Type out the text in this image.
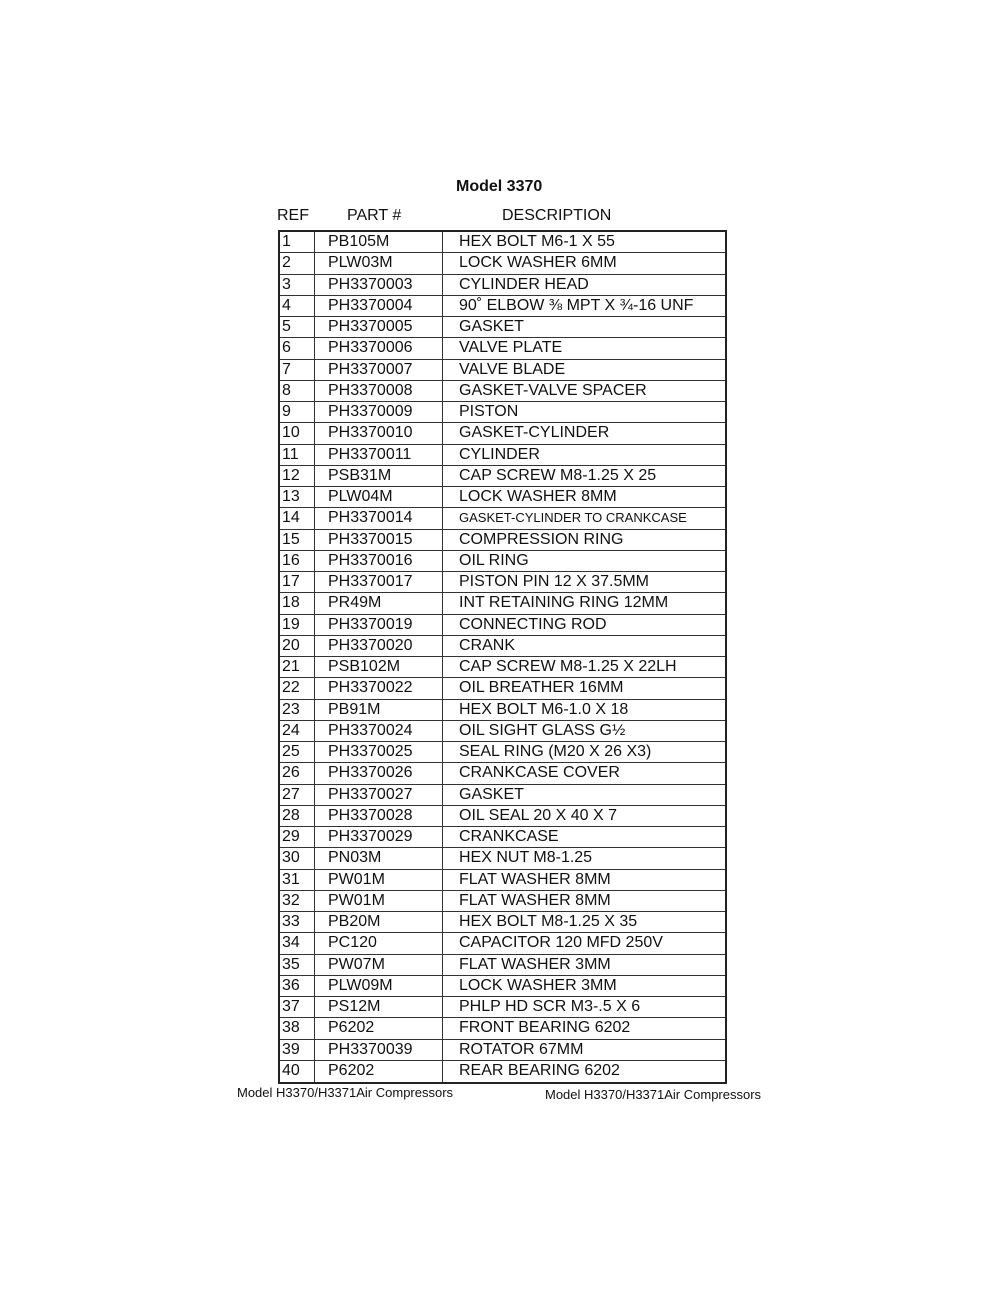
Model 3370
REF PART #	DESCRIPTION
1	PB105M	HEX BOLT M6-1 X 55
2	PLW03M	LOCK WASHER 6MM
3	PH3370003	CYLINDER HEAD
4	PH3370004	90˚ ELBOW ⅜ MPT X ¾-16 UNF
5	PH3370005	GASKET
6	PH3370006	VALVE PLATE
7	PH3370007	VALVE BLADE
8	PH3370008	GASKET-VALVE SPACER
9	PH3370009	PISTON
10	PH3370010	GASKET-CYLINDER
11	PH3370011	CYLINDER
12	PSB31M	CAP SCREW M8-1.25 X 25
13	PLW04M	LOCK WASHER 8MM
14	PH3370014	GASKET-CYLINDER TO CRANKCASE
15	PH3370015	COMPRESSION RING
16	PH3370016	OIL RING
17	PH3370017	PISTON PIN 12 X 37.5MM
18	PR49M	INT RETAINING RING 12MM
19	PH3370019	CONNECTING ROD
20	PH3370020	CRANK
21	PSB102M	CAP SCREW M8-1.25 X 22LH
22	PH3370022	OIL BREATHER 16MM
23	PB91M	HEX BOLT M6-1.0 X 18
24	PH3370024	OIL SIGHT GLASS G½
25	PH3370025	SEAL RING (M20 X 26 X3)
26	PH3370026	CRANKCASE COVER
27	PH3370027	GASKET
28	PH3370028	OIL SEAL 20 X 40 X 7
29	PH3370029	CRANKCASE
30	PN03M	HEX NUT M8-1.25
31	PW01M	FLAT WASHER 8MM
32	PW01M	FLAT WASHER 8MM
33	PB20M	HEX BOLT M8-1.25 X 35
34	PC120	CAPACITOR 120 MFD 250V
35	PW07M	FLAT WASHER 3MM
36	PLW09M	LOCK WASHER 3MM
37	PS12M	PHLP HD SCR M3-.5 X 6
38	P6202	FRONT BEARING 6202
39	PH3370039	ROTATOR 67MM
40	P6202	REAR BEARING 6202
Model H3370/H3371Air Compressors	Model H3370/H3371Air Compressors
